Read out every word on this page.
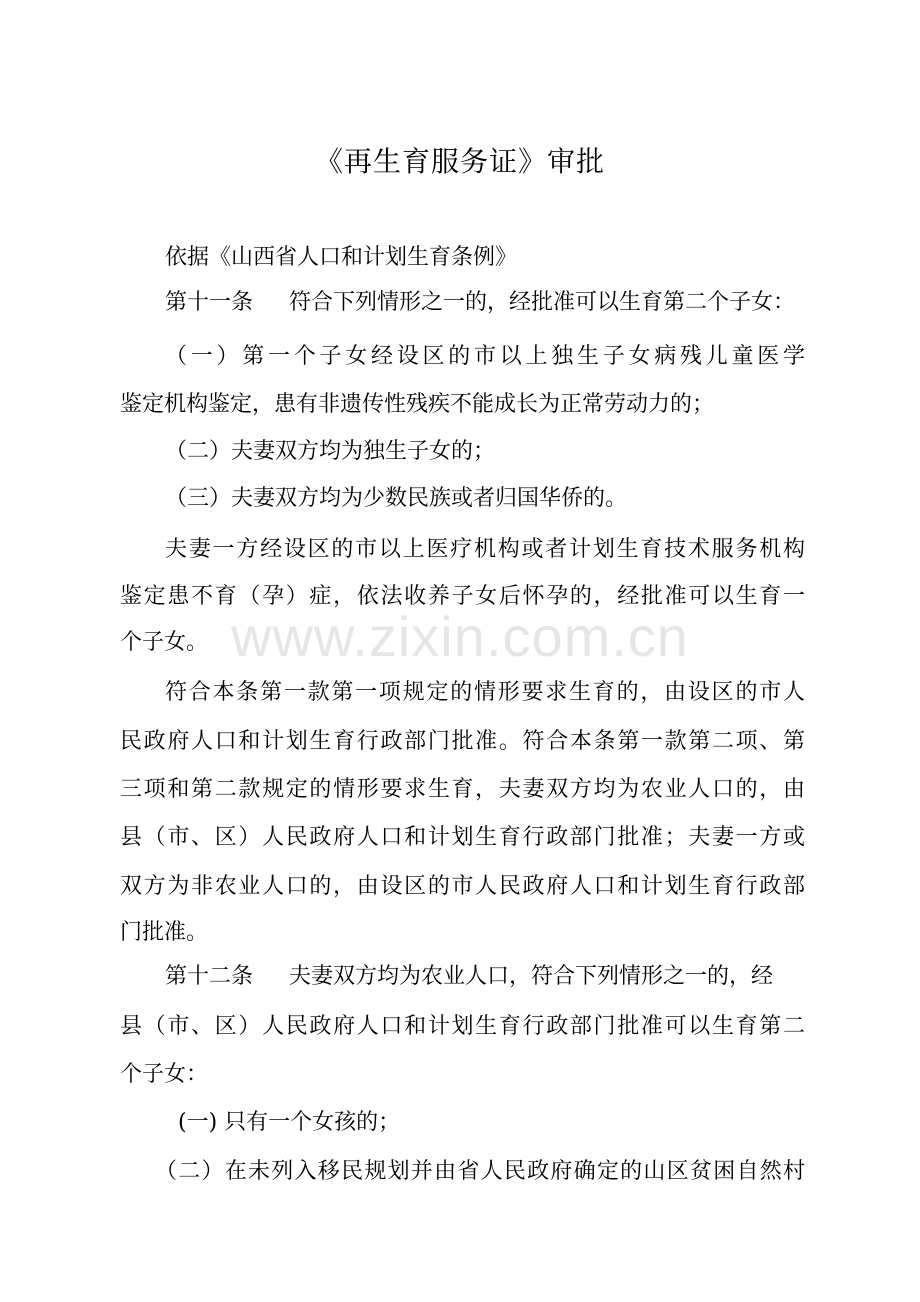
《再生育服务证》审批
依据《山西省人口和计划生育条例》
第十一条 符合下列情形之一的，经批准可以生育第二个子女：
（一）第一个子女经设区的市以上独生子女病残儿童医学
鉴定机构鉴定，患有非遗传性残疾不能成长为正常劳动力的；
（二）夫妻双方均为独生子女的；
（三）夫妻双方均为少数民族或者归国华侨的。
夫妻一方经设区的市以上医疗机构或者计划生育技术服务机构
鉴定患不育（孕）症，依法收养子女后怀孕的，经批准可以生育一
个子女。
符合本条第一款第一项规定的情形要求生育的，由设区的市人
民政府人口和计划生育行政部门批准。符合本条第一款第二项、第
三项和第二款规定的情形要求生育，夫妻双方均为农业人口的，由
县（市、区）人民政府人口和计划生育行政部门批准；夫妻一方或
双方为非农业人口的，由设区的市人民政府人口和计划生育行政部
门批准。
第十二条 夫妻双方均为农业人口，符合下列情形之一的，经
县（市、区）人民政府人口和计划生育行政部门批准可以生育第二
个子女：
(一) 只有一个女孩的；
（二）在未列入移民规划并由省人民政府确定的山区贫困自然村
www.zixin.com.cn
